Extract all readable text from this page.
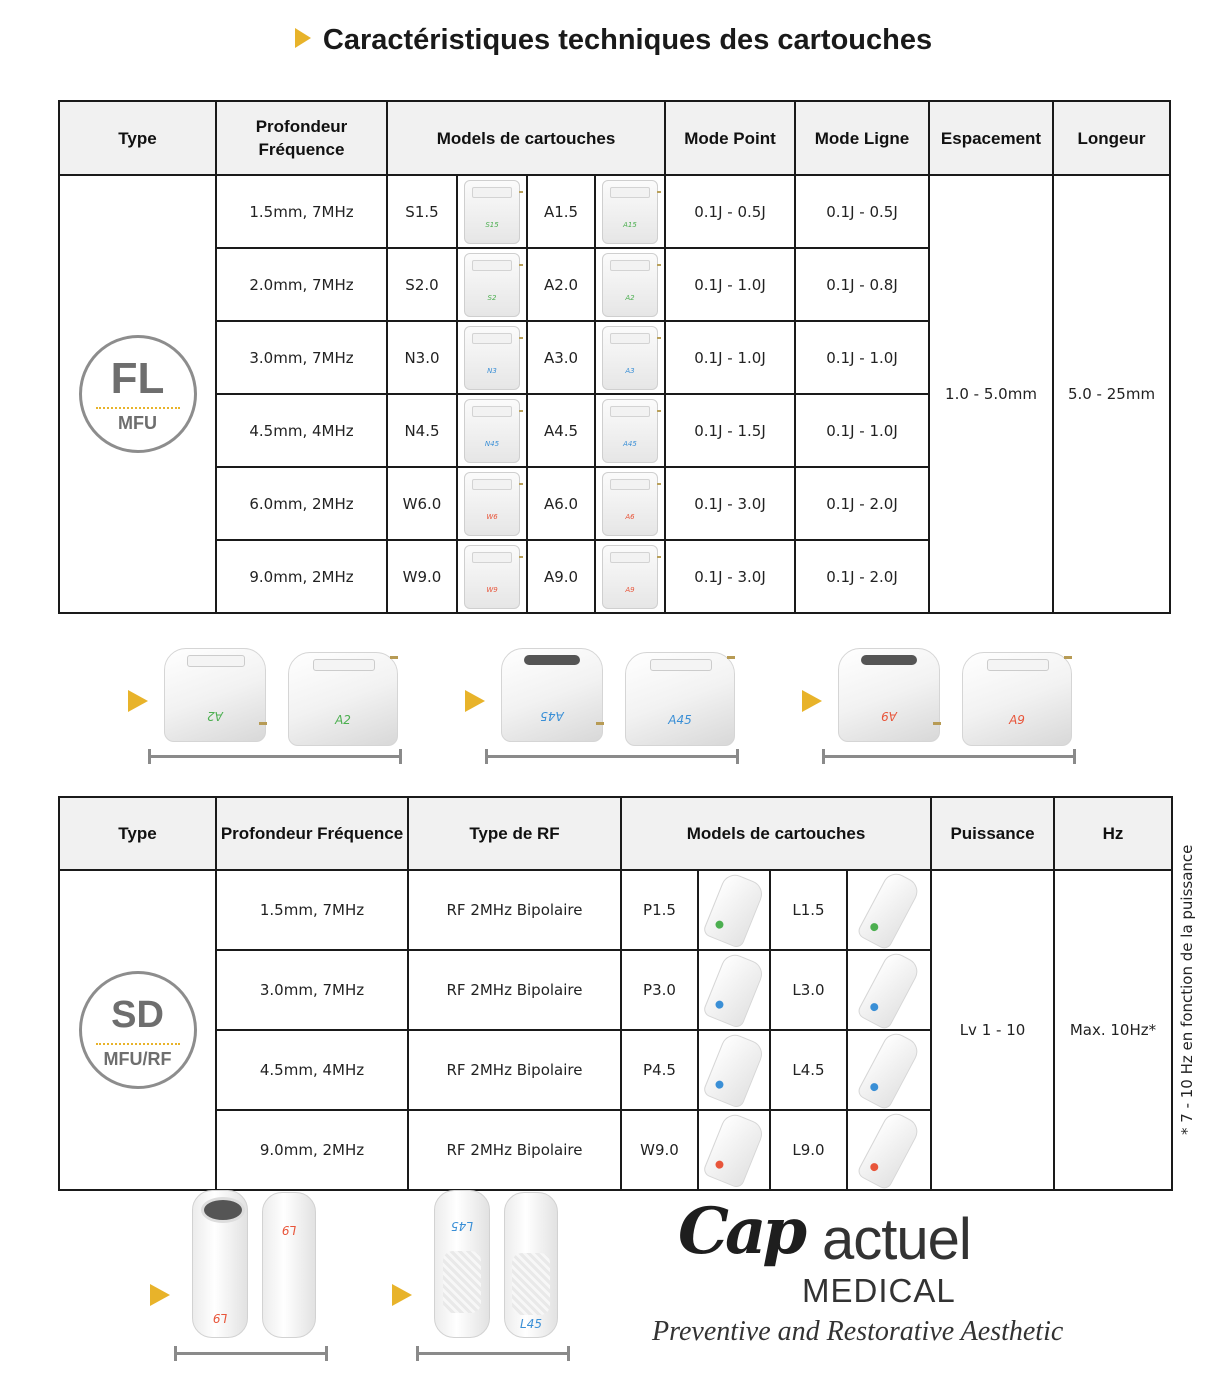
Caractéristiques techniques des cartouches
Type	Profondeur Fréquence	Models de cartouches				Mode Point	Mode Ligne	Espacement	Longeur

FL
MFU	1.5mm, 7MHz	S1.5	S15	A1.5	A15	0.1J - 0.5J	0.1J - 0.5J	1.0 - 5.0mm	5.0 - 25mm
	2.0mm, 7MHz	S2.0	S2	A2.0	A2	0.1J - 1.0J	0.1J - 0.8J		
	3.0mm, 7MHz	N3.0	N3	A3.0	A3	0.1J - 1.0J	0.1J - 1.0J		
	4.5mm, 4MHz	N4.5	N45	A4.5	A45	0.1J - 1.5J	0.1J - 1.0J		
	6.0mm, 2MHz	W6.0	W6	A6.0	A6	0.1J - 3.0J	0.1J - 2.0J		
	9.0mm, 2MHz	W9.0	W9	A9.0	A9	0.1J - 3.0J	0.1J - 2.0J		
A2	A2	A45	A45	A9	A9
Type	Profondeur Fréquence	Type de RF	Models de cartouches				Puissance	Hz

SD
MFU/RF	1.5mm, 7MHz	RF 2MHz Bipolaire	P1.5		L1.5		Lv 1 - 10	Max. 10Hz*
	3.0mm, 7MHz	RF 2MHz Bipolaire	P3.0		L3.0			

	4.5mm, 4MHz	RF 2MHz Bipolaire	P4.5		L4.5			

	9.0mm, 2MHz	RF 2MHz Bipolaire	W9.0		L9.0			
* 7 - 10 Hz en fonction de la puissance
L9
L9	L45
L45
Cap actuel
MEDICAL
Preventive and Restorative Aesthetic
